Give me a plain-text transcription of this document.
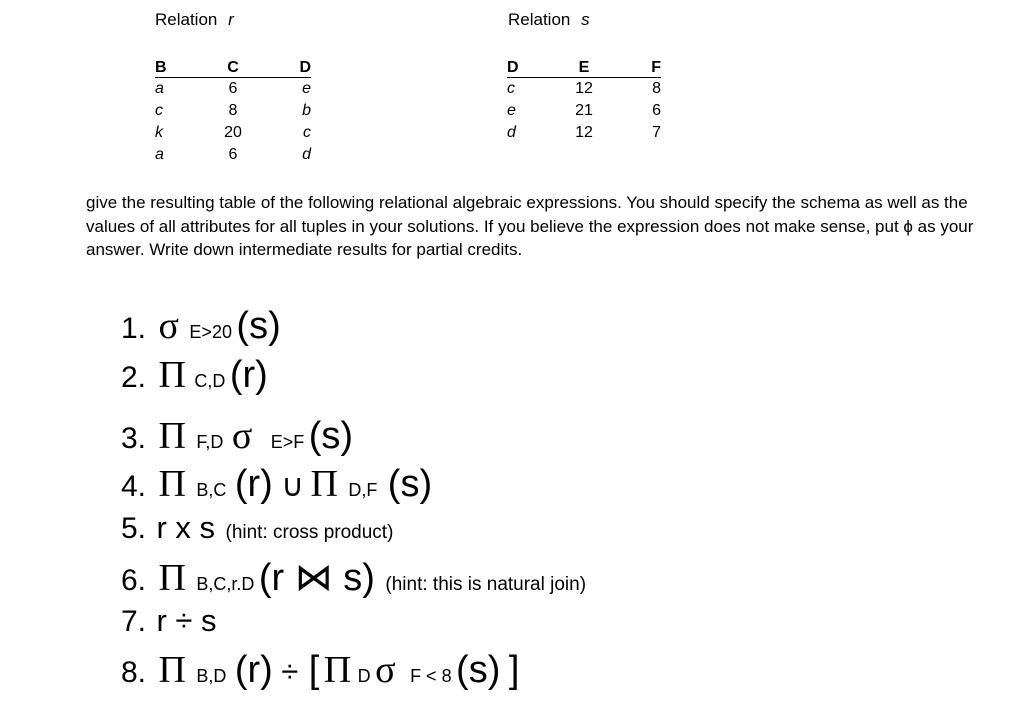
Relation r	Relation s
B	C	D
a	6	e
c	8	b
k	20	c
a	6	d
D	E	F
c	12	8
e	21	6
d	12	7
give the resulting table of the following relational algebraic expressions. You should specify the schema as well as the values of all attributes for all tuples in your solutions. If you believe the expression does not make sense, put ϕ as your answer. Write down intermediate results for partial credits.
1. σ E>20 (s)
2. Π C,D (r)
3. Π F,D σ E>F (s)
4. Π B,C (r) ∪ Π D,F (s)
5. r x s (hint: cross product)
6. Π B,C,r.D (r ⋈ s) (hint: this is natural join)
7. r ÷ s
8. Π B,D (r) ÷ [ Π D σ F < 8 (s) ]
